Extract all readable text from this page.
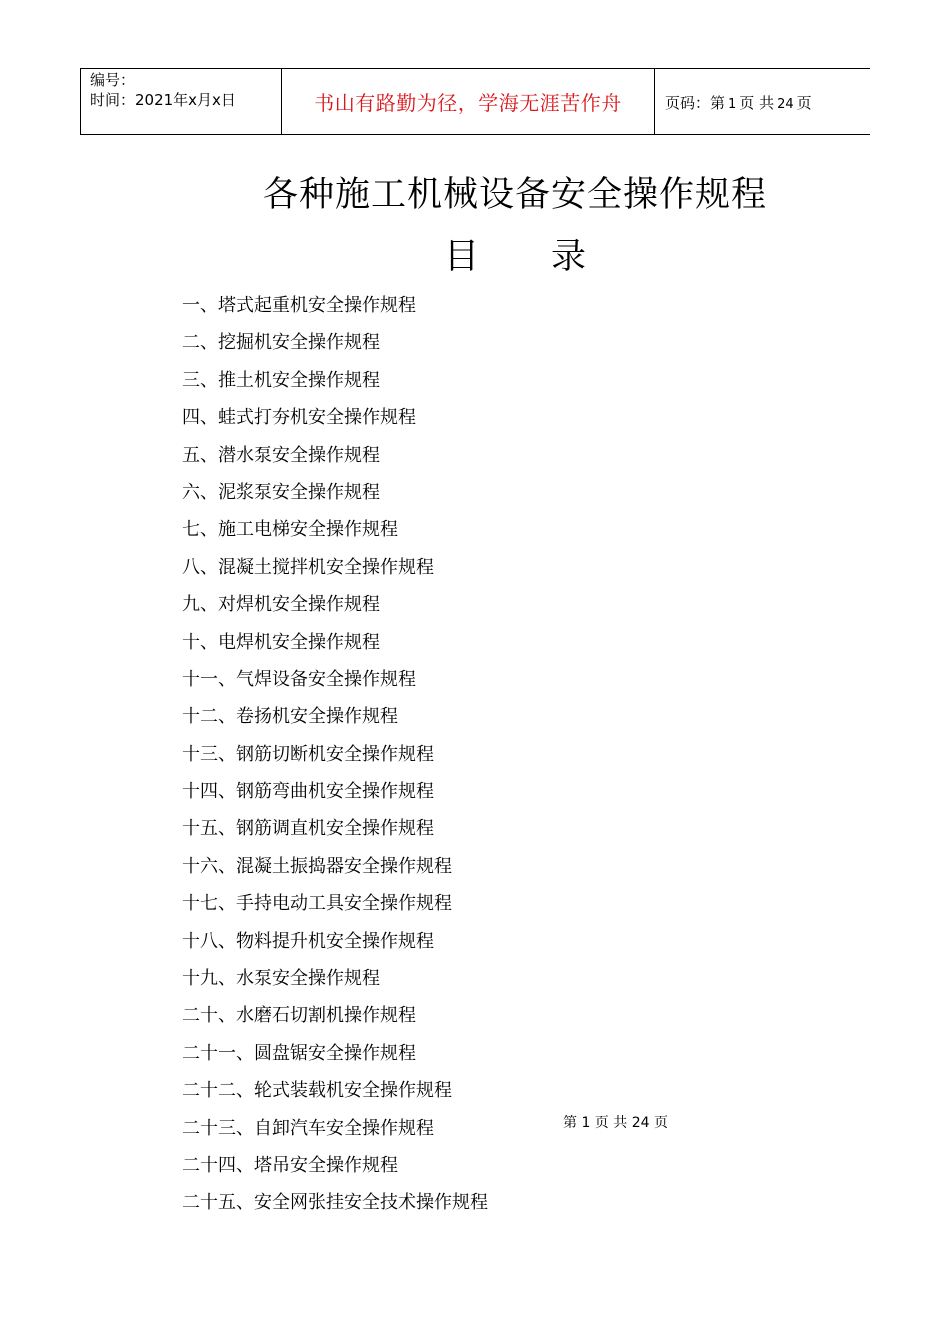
编号：
时间：2021年x月x日	书山有路勤为径，学海无涯苦作舟	页码：第 1 页 共 24 页
各种施工机械设备安全操作规程
目 录
一、塔式起重机安全操作规程
二、挖掘机安全操作规程
三、推土机安全操作规程
四、蛙式打夯机安全操作规程
五、潜水泵安全操作规程
六、泥浆泵安全操作规程
七、施工电梯安全操作规程
八、混凝土搅拌机安全操作规程
九、对焊机安全操作规程
十、电焊机安全操作规程
十一、气焊设备安全操作规程
十二、卷扬机安全操作规程
十三、钢筋切断机安全操作规程
十四、钢筋弯曲机安全操作规程
十五、钢筋调直机安全操作规程
十六、混凝土振捣器安全操作规程
十七、手持电动工具安全操作规程
十八、物料提升机安全操作规程
十九、水泵安全操作规程
二十、水磨石切割机操作规程
二十一、圆盘锯安全操作规程
二十二、轮式装载机安全操作规程
二十三、自卸汽车安全操作规程
二十四、塔吊安全操作规程
二十五、安全网张挂安全技术操作规程
第 1 页 共 24 页
